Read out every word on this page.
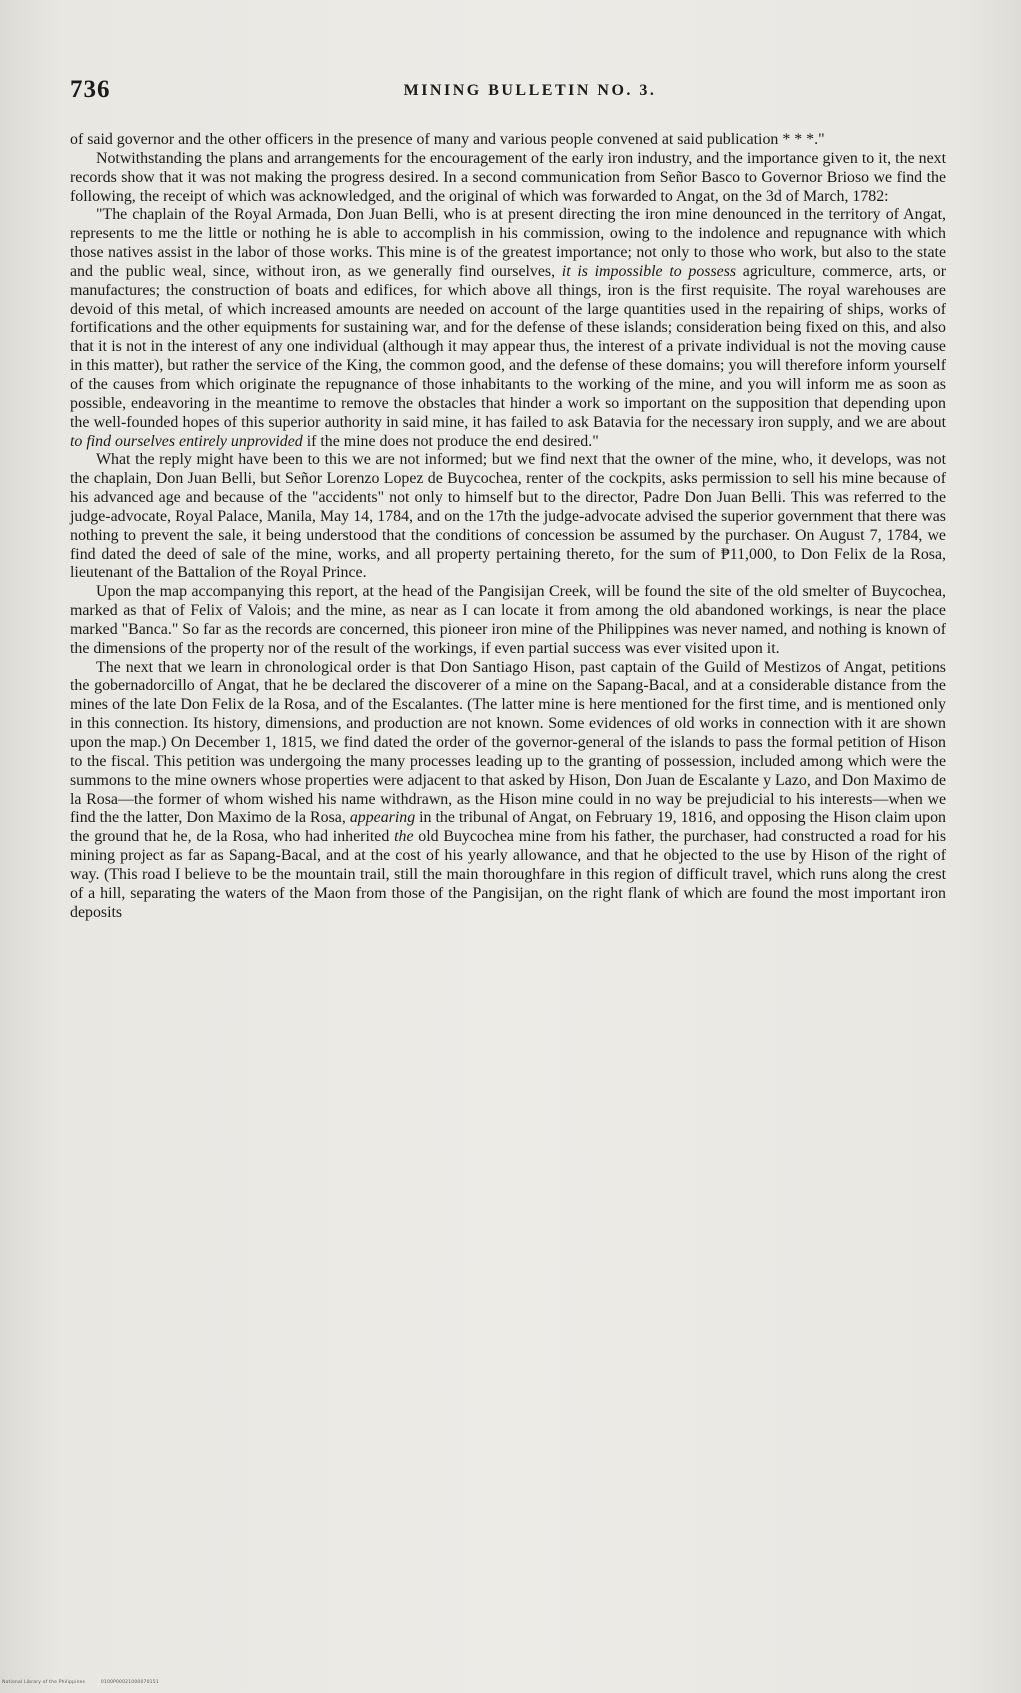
736	MINING BULLETIN NO. 3.

of said governor and the other officers in the presence of many and various people convened at said publication * * *."

Notwithstanding the plans and arrangements for the encouragement of the early iron industry, and the importance given to it, the next records show that it was not making the progress desired. In a second communication from Señor Basco to Governor Brioso we find the following, the receipt of which was acknowledged, and the original of which was forwarded to Angat, on the 3d of March, 1782:

"The chaplain of the Royal Armada, Don Juan Belli, who is at present directing the iron mine denounced in the territory of Angat, represents to me the little or nothing he is able to accomplish in his commission, owing to the indolence and repugnance with which those natives assist in the labor of those works. This mine is of the greatest importance; not only to those who work, but also to the state and the public weal, since, without iron, as we generally find ourselves, it is impossible to possess agriculture, commerce, arts, or manufactures; the construction of boats and edifices, for which above all things, iron is the first requisite. The royal warehouses are devoid of this metal, of which increased amounts are needed on account of the large quantities used in the repairing of ships, works of fortifications and the other equipments for sustaining war, and for the defense of these islands; consideration being fixed on this, and also that it is not in the interest of any one individual (although it may appear thus, the interest of a private individual is not the moving cause in this matter), but rather the service of the King, the common good, and the defense of these domains; you will therefore inform yourself of the causes from which originate the repugnance of those inhabitants to the working of the mine, and you will inform me as soon as possible, endeavoring in the meantime to remove the obstacles that hinder a work so important on the supposition that depending upon the well-founded hopes of this superior authority in said mine, it has failed to ask Batavia for the necessary iron supply, and we are about to find ourselves entirely unprovided if the mine does not produce the end desired."

What the reply might have been to this we are not informed; but we find next that the owner of the mine, who, it develops, was not the chaplain, Don Juan Belli, but Señor Lorenzo Lopez de Buycochea, renter of the cockpits, asks permission to sell his mine because of his advanced age and because of the "accidents" not only to himself but to the director, Padre Don Juan Belli. This was referred to the judge-advocate, Royal Palace, Manila, May 14, 1784, and on the 17th the judge-advocate advised the superior government that there was nothing to prevent the sale, it being understood that the conditions of concession be assumed by the purchaser. On August 7, 1784, we find dated the deed of sale of the mine, works, and all property pertaining thereto, for the sum of ₱11,000, to Don Felix de la Rosa, lieutenant of the Battalion of the Royal Prince.

Upon the map accompanying this report, at the head of the Pangisijan Creek, will be found the site of the old smelter of Buycochea, marked as that of Felix of Valois; and the mine, as near as I can locate it from among the old abandoned workings, is near the place marked "Banca." So far as the records are concerned, this pioneer iron mine of the Philippines was never named, and nothing is known of the dimensions of the property nor of the result of the workings, if even partial success was ever visited upon it.

The next that we learn in chronological order is that Don Santiago Hison, past captain of the Guild of Mestizos of Angat, petitions the gobernadorcillo of Angat, that he be declared the discoverer of a mine on the Sapang-Bacal, and at a considerable distance from the mines of the late Don Felix de la Rosa, and of the Escalantes. (The latter mine is here mentioned for the first time, and is mentioned only in this connection. Its history, dimensions, and production are not known. Some evidences of old works in connection with it are shown upon the map.) On December 1, 1815, we find dated the order of the governor-general of the islands to pass the formal petition of Hison to the fiscal. This petition was undergoing the many processes leading up to the granting of possession, included among which were the summons to the mine owners whose properties were adjacent to that asked by Hison, Don Juan de Escalante y Lazo, and Don Maximo de la Rosa—the former of whom wished his name withdrawn, as the Hison mine could in no way be prejudicial to his interests—when we find the the latter, Don Maximo de la Rosa, appearing in the tribunal of Angat, on February 19, 1816, and opposing the Hison claim upon the ground that he, de la Rosa, who had inherited the old Buycochea mine from his father, the purchaser, had constructed a road for his mining project as far as Sapang-Bacal, and at the cost of his yearly allowance, and that he objected to the use by Hison of the right of way. (This road I believe to be the mountain trail, still the main thoroughfare in this region of difficult travel, which runs along the crest of a hill, separating the waters of the Maon from those of the Pangisijan, on the right flank of which are found the most important iron deposits

National Library of the Philippines	0100P00021000070151
